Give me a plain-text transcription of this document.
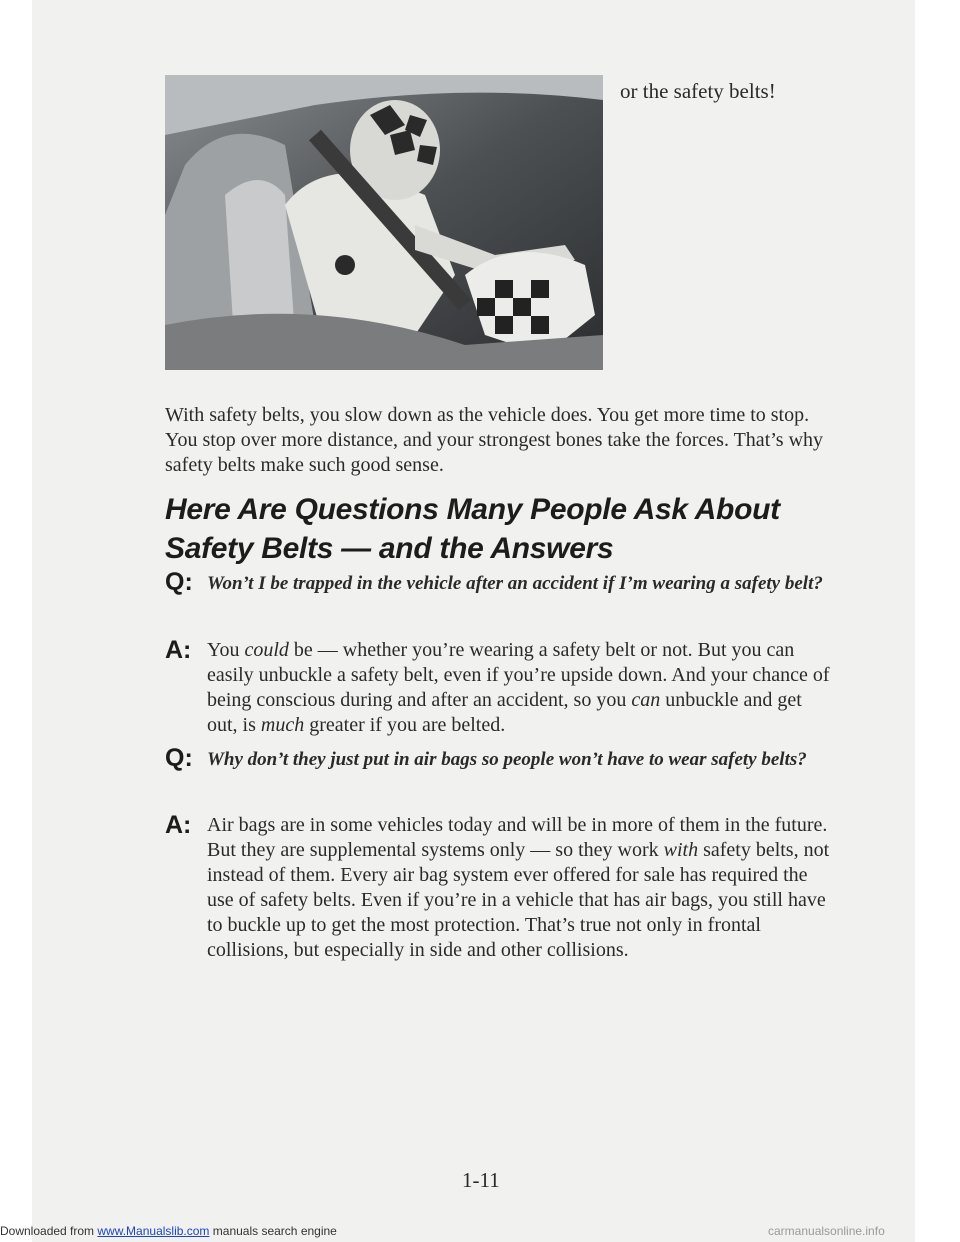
or the safety belts!
With safety belts, you slow down as the vehicle does. You get more time to stop. You stop over more distance, and your strongest bones take the forces. That’s why safety belts make such good sense.
Here Are Questions Many People Ask About
Safety Belts — and the Answers
Q: Won’t I be trapped in the vehicle after an accident if I’m wearing a safety belt?
A: You could be — whether you’re wearing a safety belt or not. But you can easily unbuckle a safety belt, even if you’re upside down. And your chance of being conscious during and after an accident, so you can unbuckle and get out, is much greater if you are belted.
Q: Why don’t they just put in air bags so people won’t have to wear safety belts?
A: Air bags are in some vehicles today and will be in more of them in the future. But they are supplemental systems only — so they work with safety belts, not instead of them. Every air bag system ever offered for sale has required the use of safety belts. Even if you’re in a vehicle that has air bags, you still have to buckle up to get the most protection. That’s true not only in frontal collisions, but especially in side and other collisions.
1-11
Downloaded from www.Manualslib.com manuals search engine	carmanualsonline.info
